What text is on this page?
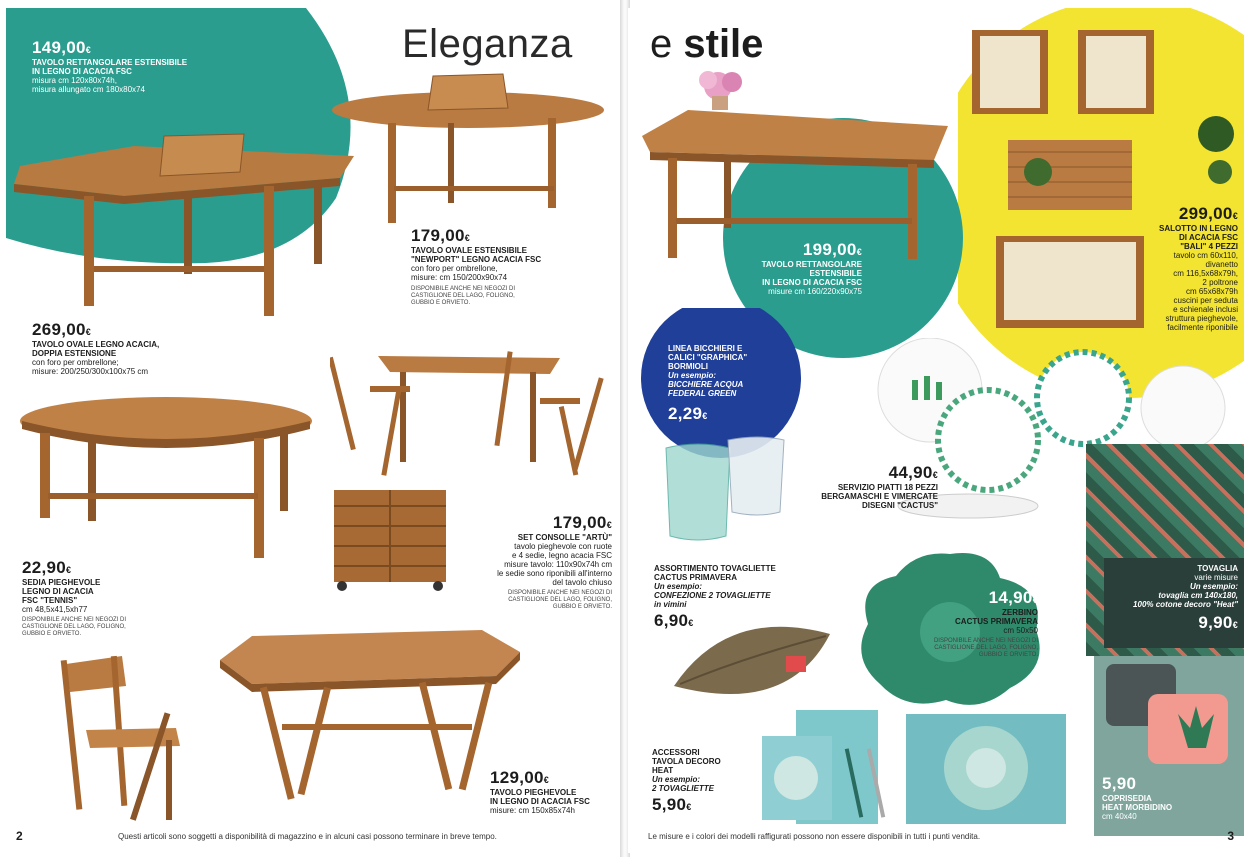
Eleganza
149,00€
TAVOLO RETTANGOLARE ESTENSIBILE
IN LEGNO DI ACACIA FSC
misura cm 120x80x74h,
misura allungato cm 180x80x74
179,00€
TAVOLO OVALE ESTENSIBILE
"NEWPORT" LEGNO ACACIA FSC
con foro per ombrellone,
misure: cm 150/200x90x74
DISPONIBILE ANCHE NEI NEGOZI DI
CASTIGLIONE DEL LAGO, FOLIGNO,
GUBBIO E ORVIETO.
269,00€
TAVOLO OVALE LEGNO ACACIA,
DOPPIA ESTENSIONE
con foro per ombrellone;
misure: 200/250/300x100x75 cm
179,00€
SET CONSOLLE "ARTÙ"
tavolo pieghevole con ruote
e 4 sedie, legno acacia FSC
misure tavolo: 110x90x74h cm
le sedie sono riponibili all'interno
del tavolo chiuso
DISPONIBILE ANCHE NEI NEGOZI DI
CASTIGLIONE DEL LAGO, FOLIGNO,
GUBBIO E ORVIETO.
22,90€
SEDIA PIEGHEVOLE
LEGNO DI ACACIA
FSC "TENNIS"
cm 48,5x41,5xh77
DISPONIBILE ANCHE NEI NEGOZI DI
CASTIGLIONE DEL LAGO, FOLIGNO,
GUBBIO E ORVIETO.
129,00€
TAVOLO PIEGHEVOLE
IN LEGNO DI ACACIA FSC
misure: cm 150x85x74h
2	Questi articoli sono soggetti a disponibilità di magazzino e in alcuni casi possono terminare in breve tempo.
e stile
199,00€
TAVOLO RETTANGOLARE
ESTENSIBILE
IN LEGNO DI ACACIA FSC
misure cm 160/220x90x75
299,00€
SALOTTO IN LEGNO
DI ACACIA FSC
"BALI" 4 PEZZI
tavolo cm 60x110,
divanetto
cm 116,5x68x79h,
2 poltrone
cm 65x68x79h
cuscini per seduta
e schienale inclusi
struttura pieghevole,
facilmente riponibile
LINEA BICCHIERI E
CALICI "GRAPHICA"
BORMIOLI
Un esempio:
BICCHIERE ACQUA
FEDERAL GREEN
2,29€
44,90€
SERVIZIO PIATTI 18 PEZZI
BERGAMASCHI E VIMERCATE
DISEGNI "CACTUS"
TOVAGLIA
varie misure
Un esempio:
tovaglia cm 140x180,
100% cotone decoro "Heat"
9,90€
ASSORTIMENTO TOVAGLIETTE
CACTUS PRIMAVERA
Un esempio:
CONFEZIONE 2 TOVAGLIETTE
in vimini
6,90€
14,90€
ZERBINO
CACTUS PRIMAVERA
cm 50x50
DISPONIBILE ANCHE NEI NEGOZI DI
CASTIGLIONE DEL LAGO, FOLIGNO,
GUBBIO E ORVIETO.
ACCESSORI
TAVOLA DECORO
HEAT
Un esempio:
2 TOVAGLIETTE
5,90€
5,90
COPRISEDIA
HEAT MORBIDINO
cm 40x40
Le misure e i colori dei modelli raffigurati possono non essere disponibili in tutti i punti vendita.	3
